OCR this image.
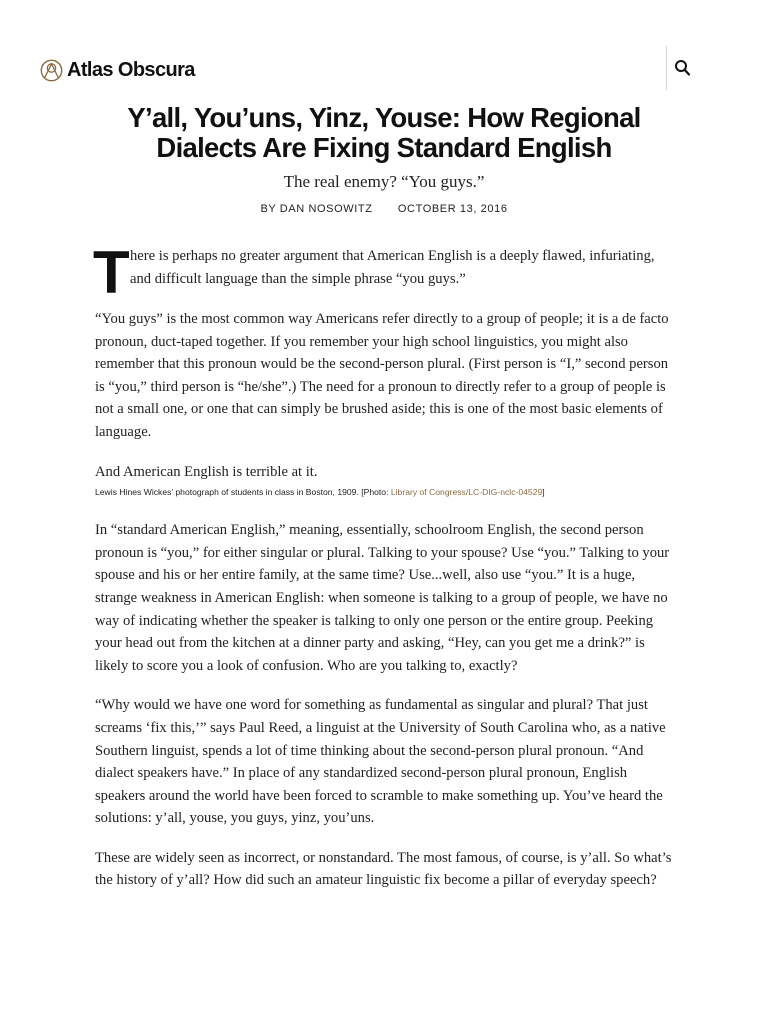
Atlas Obscura
Y’all, You’uns, Yinz, Youse: How Regional Dialects Are Fixing Standard English

The real enemy? “You guys.”

BY DAN NOSOWITZ OCTOBER 13, 2016

T here is perhaps no greater argument that American English is a deeply flawed, infuriating, and difficult language than the simple phrase “you guys.”

“You guys” is the most common way Americans refer directly to a group of people; it is a de facto pronoun, duct-taped together. If you remember your high school linguistics, you might also remember that this pronoun would be the second-person plural. (First person is “I,” second person is “you,” third person is “he/she”.) The need for a pronoun to directly refer to a group of people is not a small one, or one that can simply be brushed aside; this is one of the most basic elements of language.

And American English is terrible at it.

Lewis Hines Wickes’ photograph of students in class in Boston, 1909. [Photo: Library of Congress/LC-DIG-nclc-04529]

In “standard American English,” meaning, essentially, schoolroom English, the second person pronoun is “you,” for either singular or plural. Talking to your spouse? Use “you.” Talking to your spouse and his or her entire family, at the same time? Use...well, also use “you.” It is a huge, strange weakness in American English: when someone is talking to a group of people, we have no way of indicating whether the speaker is talking to only one person or the entire group. Peeking your head out from the kitchen at a dinner party and asking, “Hey, can you get me a drink?” is likely to score you a look of confusion. Who are you talking to, exactly?

“Why would we have one word for something as fundamental as singular and plural? That just screams ‘fix this,’” says Paul Reed, a linguist at the University of South Carolina who, as a native Southern linguist, spends a lot of time thinking about the second-person plural pronoun. “And dialect speakers have.” In place of any standardized second-person plural pronoun, English speakers around the world have been forced to scramble to make something up. You’ve heard the solutions: y’all, youse, you guys, yinz, you’uns.

These are widely seen as incorrect, or nonstandard. The most famous, of course, is y’all. So what’s the history of y’all? How did such an amateur linguistic fix become a pillar of everyday speech?
